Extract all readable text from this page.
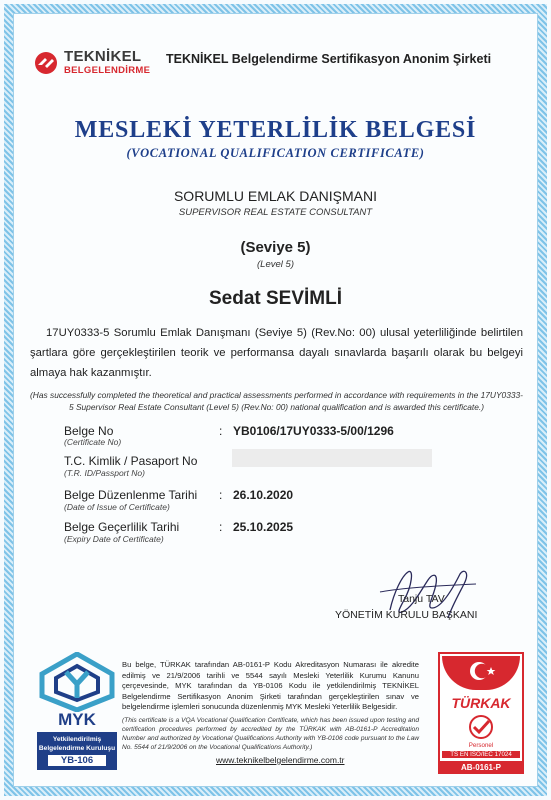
TEKNİKEL
BELGELENDİRME
TEKNİKEL Belgelendirme Sertifikasyon Anonim Şirketi
MESLEKİ YETERLİLİK BELGESİ
(VOCATIONAL QUALIFICATION CERTIFICATE)
SORUMLU EMLAK DANIŞMANI
SUPERVISOR REAL ESTATE CONSULTANT
(Seviye 5)
(Level 5)
Sedat SEVİMLİ
17UY0333-5 Sorumlu Emlak Danışmanı (Seviye 5) (Rev.No: 00) ulusal yeterliliğinde belirtilen şartlara göre gerçekleştirilen teorik ve performansa dayalı sınavlarda başarılı olarak bu belgeyi almaya hak kazanmıştır.
(Has successfully completed the theoretical and practical assessments performed in accordance with requirements in the 17UY0333-5 Supervisor Real Estate Consultant (Level 5) (Rev.No: 00) national qualification and is awarded this certificate.)
Belge No
(Certificate No)
: YB0106/17UY0333-5/00/1296
T.C. Kimlik / Pasaport No
(T.R. ID/Passport No)
Belge Düzenlenme Tarihi
(Date of Issue of Certificate)
: 26.10.2020
Belge Geçerlilik Tarihi
(Expiry Date of Certificate)
: 25.10.2025
Tanju TAV
YÖNETİM KURULU BAŞKANI
MYK
Yetkilendirilmiş
Belgelendirme Kuruluşu
YB-106
Bu belge, TÜRKAK tarafından AB-0161-P Kodu Akreditasyon Numarası ile akredite edilmiş ve 21/9/2006 tarihli ve 5544 sayılı Mesleki Yeterlilik Kurumu Kanunu çerçevesinde, MYK tarafından da YB-0106 Kodu ile yetkilendirilmiş TEKNİKEL Belgelendirme Sertifikasyon Anonim Şirketi tarafından gerçekleştirilen sınav ve belgelendirme işlemleri sonucunda düzenlenmiş MYK Mesleki Yeterlilik Belgesidir.
(This certificate is a VQA Vocational Qualification Certificate, which has been issued upon testing and certification procedures performed by accredited by the TÜRKAK with AB-0161-P Accreditation Number and authorized by Vocational Qualifications Authority with YB-0106 code pursuant to the Law No. 5544 of 21/9/2006 on the Vocational Qualifications Authority.)
www.teknikelbelgelendirme.com.tr
TÜRKAK
Personel
TS EN ISO/IEC 17024
AB-0161-P
